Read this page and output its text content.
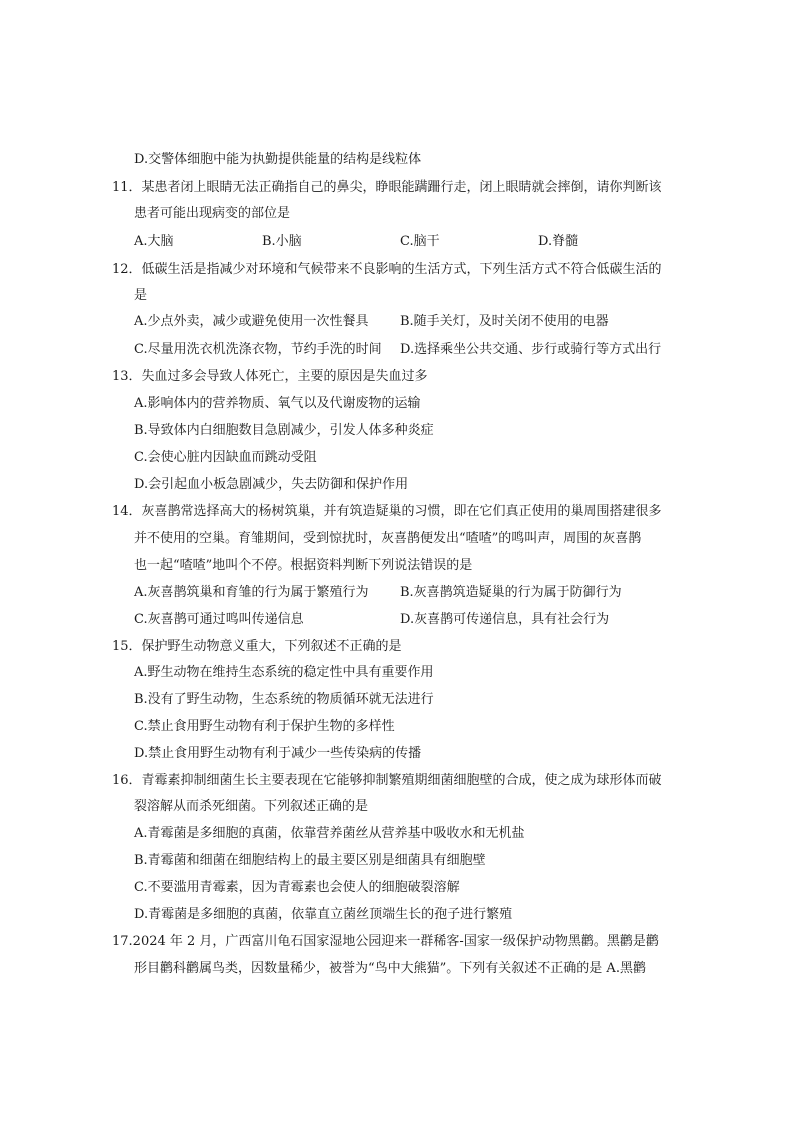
D.交警体细胞中能为执勤提供能量的结构是线粒体
11．某患者闭上眼睛无法正确指自己的鼻尖，睁眼能蹒跚行走，闭上眼睛就会摔倒，请你判断该
患者可能出现病变的部位是
A.大脑	B.小脑	C.脑干	D.脊髓
12．低碳生活是指减少对环境和气候带来不良影响的生活方式，下列生活方式不符合低碳生活的
是
A.少点外卖，减少或避免使用一次性餐具 B.随手关灯，及时关闭不使用的电器
C.尽量用洗衣机洗涤衣物，节约手洗的时间 D.选择乘坐公共交通、步行或骑行等方式出行
13．失血过多会导致人体死亡，主要的原因是失血过多
A.影响体内的营养物质、氧气以及代谢废物的运输
B.导致体内白细胞数目急剧减少，引发人体多种炎症
C.会使心脏内因缺血而跳动受阻
D.会引起血小板急剧减少，失去防御和保护作用
14．灰喜鹊常选择高大的杨树筑巢，并有筑造疑巢的习惯，即在它们真正使用的巢周围搭建很多
并不使用的空巢。育雏期间，受到惊扰时，灰喜鹊便发出“喳喳”的鸣叫声，周围的灰喜鹊
也一起“喳喳”地叫个不停。根据资料判断下列说法错误的是
A.灰喜鹊筑巢和育雏的行为属于繁殖行为 B.灰喜鹊筑造疑巢的行为属于防御行为
C.灰喜鹊可通过鸣叫传递信息	D.灰喜鹊可传递信息，具有社会行为
15．保护野生动物意义重大，下列叙述不正确的是
A.野生动物在维持生态系统的稳定性中具有重要作用
B.没有了野生动物，生态系统的物质循环就无法进行
C.禁止食用野生动物有利于保护生物的多样性
D.禁止食用野生动物有利于减少一些传染病的传播
16．青霉素抑制细菌生长主要表现在它能够抑制繁殖期细菌细胞壁的合成，使之成为球形体而破
裂溶解从而杀死细菌。下列叙述正确的是
A.青霉菌是多细胞的真菌，依靠营养菌丝从营养基中吸收水和无机盐
B.青霉菌和细菌在细胞结构上的最主要区别是细菌具有细胞壁
C.不要滥用青霉素，因为青霉素也会使人的细胞破裂溶解
D.青霉菌是多细胞的真菌，依靠直立菌丝顶端生长的孢子进行繁殖
17.2024 年 2 月，广西富川龟石国家湿地公园迎来一群稀客-国家一级保护动物黑鹳。黑鹳是鹳
形目鹳科鹳属鸟类，因数量稀少，被誉为“鸟中大熊猫”。下列有关叙述不正确的是 A.黑鹳
